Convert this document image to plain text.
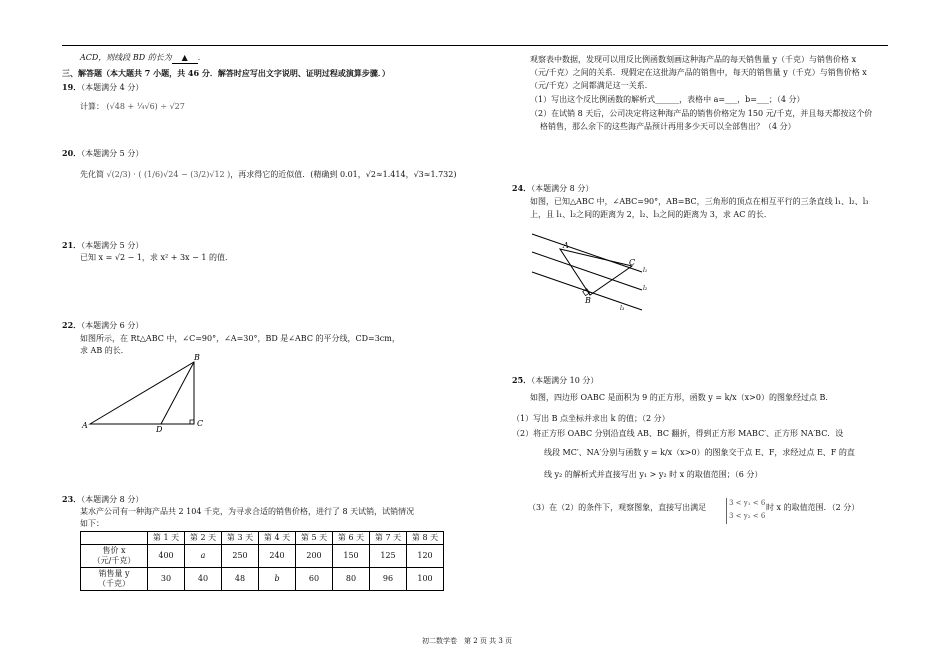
ACD，则线段 BD 的长为 ▲ .
三、解答题（本大题共 7 小题，共 46 分．解答时应写出文字说明、证明过程或演算步骤．）
19．（本题满分 4 分）
计算： (√48 + ¼√6) ÷ √27
20．（本题满分 5 分）
先化简 √(2/3) · ( (1/6)√24 − (3/2)√12 )，再求得它的近似值．(精确到 0.01，√2≈1.414，√3≈1.732)
21．（本题满分 5 分）
已知 x = √2 − 1，求 x² + 3x − 1 的值．
22．（本题满分 6 分）
如图所示，在 Rt△ABC 中，∠C=90°，∠A=30°，BD 是∠ABC 的平分线，CD=3cm，
求 AB 的长．
A
B
C
D
23．（本题满分 8 分）
某水产公司有一种海产品共 2 104 千克，为寻求合适的销售价格，进行了 8 天试销，试销情况
如下：
	第 1 天	第 2 天	第 3 天	第 4 天	第 5 天	第 6 天	第 7 天	第 8 天

售价 x
（元/千克）	400	a	250	240	200	150	125	120

销售量 y
（千克）	30	40	48	b	60	80	96	100
观察表中数据，发现可以用反比例函数刻画这种海产品的每天销售量 y（千克）与销售价格 x
（元/千克）之间的关系．现假定在这批海产品的销售中，每天的销售量 y（千克）与销售价格 x
（元/千克）之间都满足这一关系．
（1）写出这个反比例函数的解析式______，表格中 a=___，b=___；（4 分）
（2）在试销 8 天后，公司决定将这种海产品的销售价格定为 150 元/千克，并且每天都按这个价
格销售，那么余下的这些海产品预计再用多少天可以全部售出？（4 分）
24．（本题满分 8 分）
如图，已知△ABC 中，∠ABC=90°，AB=BC，三角形的顶点在相互平行的三条直线 l₁、l₂、l₃
上，且 l₁、l₂之间的距离为 2，l₂、l₃之间的距离为 3，求 AC 的长．
A
C
B
l₁
l₂
l₃
25．（本题满分 10 分）
如图，四边形 OABC 是面积为 9 的正方形，函数 y = k/x（x>0）的图象经过点 B．
（1）写出 B 点坐标并求出 k 的值；（2 分）
（2）将正方形 OABC 分别沿直线 AB、BC 翻折，得到正方形 MABC′、正方形 NA′BC．设
线段 MC′、NA′分别与函数 y = k/x（x>0）的图象交于点 E、F，求经过点 E、F 的直
线 y₂ 的解析式并直接写出 y₁ > y₂ 时 x 的取值范围；（6 分）
（3）在（2）的条件下，观察图象，直接写出满足	3 < y₁ < 6
3 < y₂ < 6
时 x 的取值范围．（2 分）
初二数学卷　第 2 页 共 3 页
